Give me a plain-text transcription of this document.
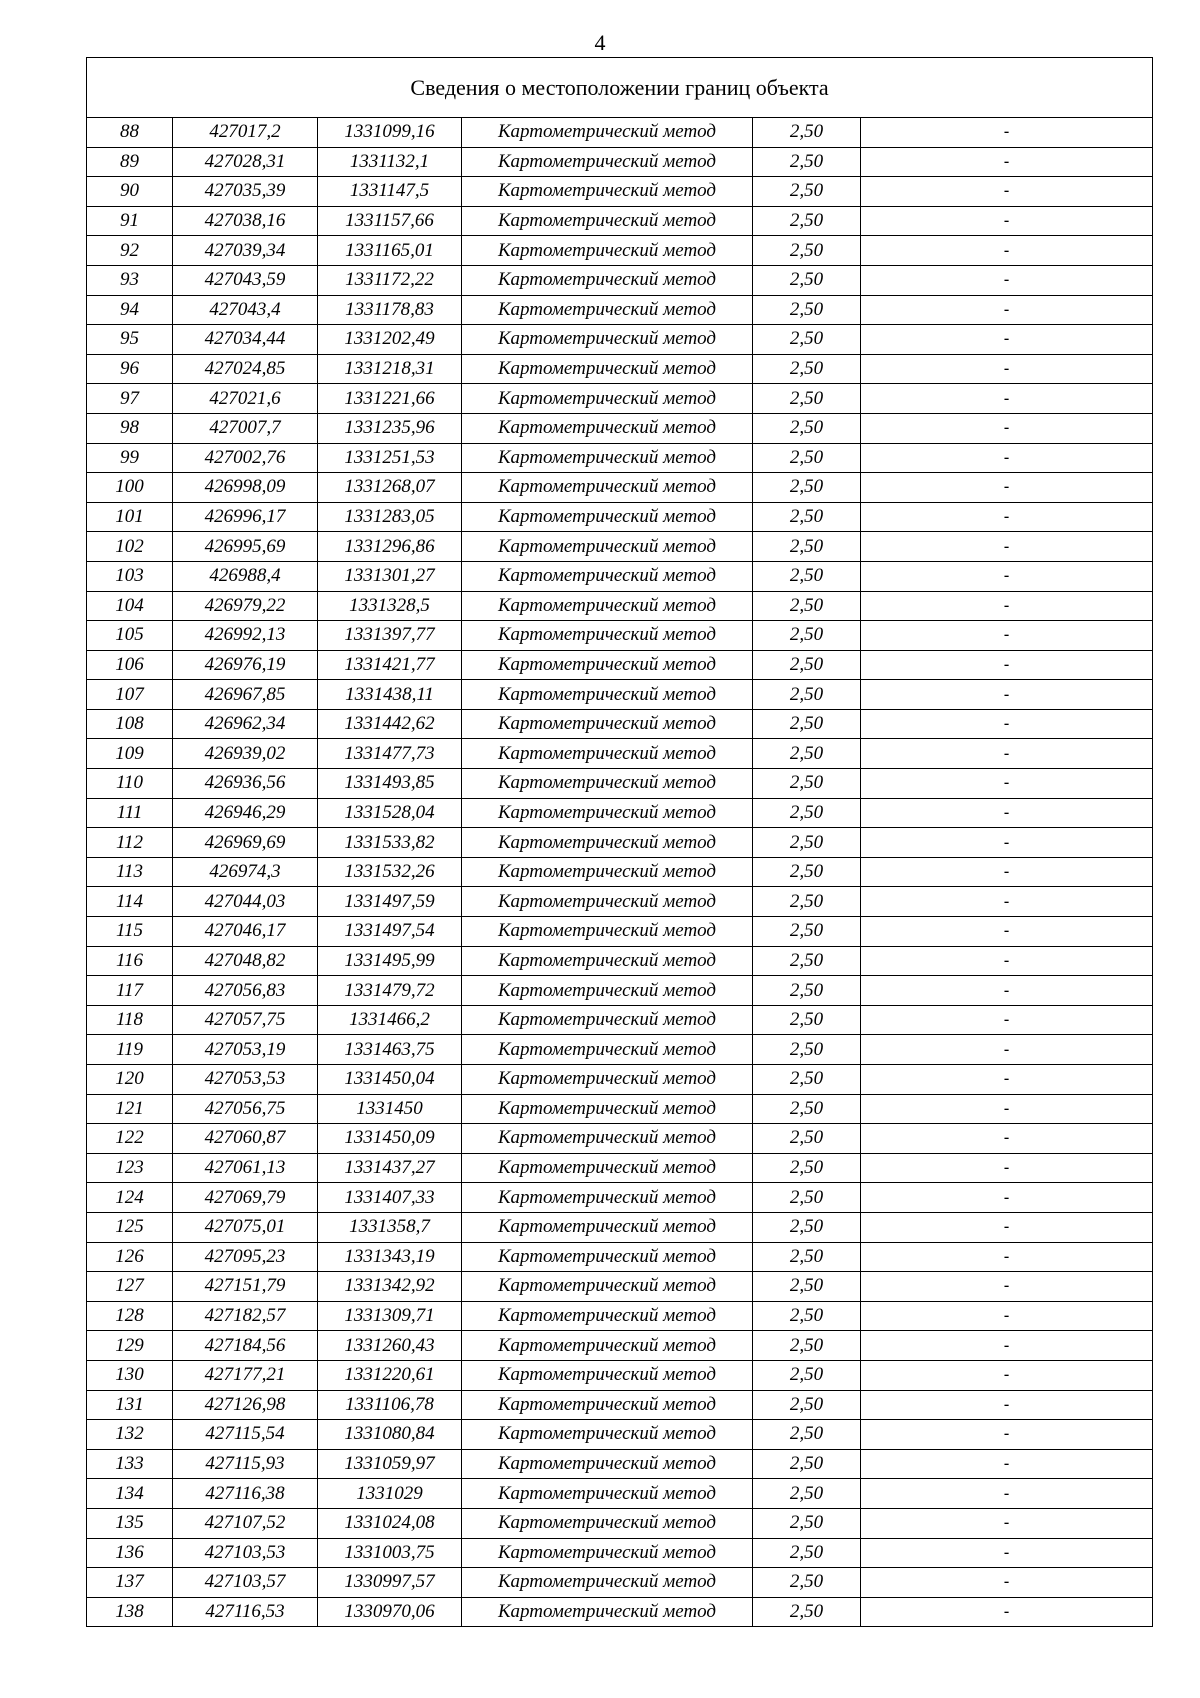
4
Сведения о местоположении границ объекта					
88	427017,2	1331099,16	Картометрический метод	2,50	-
89	427028,31	1331132,1	Картометрический метод	2,50	-
90	427035,39	1331147,5	Картометрический метод	2,50	-
91	427038,16	1331157,66	Картометрический метод	2,50	-
92	427039,34	1331165,01	Картометрический метод	2,50	-
93	427043,59	1331172,22	Картометрический метод	2,50	-
94	427043,4	1331178,83	Картометрический метод	2,50	-
95	427034,44	1331202,49	Картометрический метод	2,50	-
96	427024,85	1331218,31	Картометрический метод	2,50	-
97	427021,6	1331221,66	Картометрический метод	2,50	-
98	427007,7	1331235,96	Картометрический метод	2,50	-
99	427002,76	1331251,53	Картометрический метод	2,50	-
100	426998,09	1331268,07	Картометрический метод	2,50	-
101	426996,17	1331283,05	Картометрический метод	2,50	-
102	426995,69	1331296,86	Картометрический метод	2,50	-
103	426988,4	1331301,27	Картометрический метод	2,50	-
104	426979,22	1331328,5	Картометрический метод	2,50	-
105	426992,13	1331397,77	Картометрический метод	2,50	-
106	426976,19	1331421,77	Картометрический метод	2,50	-
107	426967,85	1331438,11	Картометрический метод	2,50	-
108	426962,34	1331442,62	Картометрический метод	2,50	-
109	426939,02	1331477,73	Картометрический метод	2,50	-
110	426936,56	1331493,85	Картометрический метод	2,50	-
111	426946,29	1331528,04	Картометрический метод	2,50	-
112	426969,69	1331533,82	Картометрический метод	2,50	-
113	426974,3	1331532,26	Картометрический метод	2,50	-
114	427044,03	1331497,59	Картометрический метод	2,50	-
115	427046,17	1331497,54	Картометрический метод	2,50	-
116	427048,82	1331495,99	Картометрический метод	2,50	-
117	427056,83	1331479,72	Картометрический метод	2,50	-
118	427057,75	1331466,2	Картометрический метод	2,50	-
119	427053,19	1331463,75	Картометрический метод	2,50	-
120	427053,53	1331450,04	Картометрический метод	2,50	-
121	427056,75	1331450	Картометрический метод	2,50	-
122	427060,87	1331450,09	Картометрический метод	2,50	-
123	427061,13	1331437,27	Картометрический метод	2,50	-
124	427069,79	1331407,33	Картометрический метод	2,50	-
125	427075,01	1331358,7	Картометрический метод	2,50	-
126	427095,23	1331343,19	Картометрический метод	2,50	-
127	427151,79	1331342,92	Картометрический метод	2,50	-
128	427182,57	1331309,71	Картометрический метод	2,50	-
129	427184,56	1331260,43	Картометрический метод	2,50	-
130	427177,21	1331220,61	Картометрический метод	2,50	-
131	427126,98	1331106,78	Картометрический метод	2,50	-
132	427115,54	1331080,84	Картометрический метод	2,50	-
133	427115,93	1331059,97	Картометрический метод	2,50	-
134	427116,38	1331029	Картометрический метод	2,50	-
135	427107,52	1331024,08	Картометрический метод	2,50	-
136	427103,53	1331003,75	Картометрический метод	2,50	-
137	427103,57	1330997,57	Картометрический метод	2,50	-
138	427116,53	1330970,06	Картометрический метод	2,50	-
